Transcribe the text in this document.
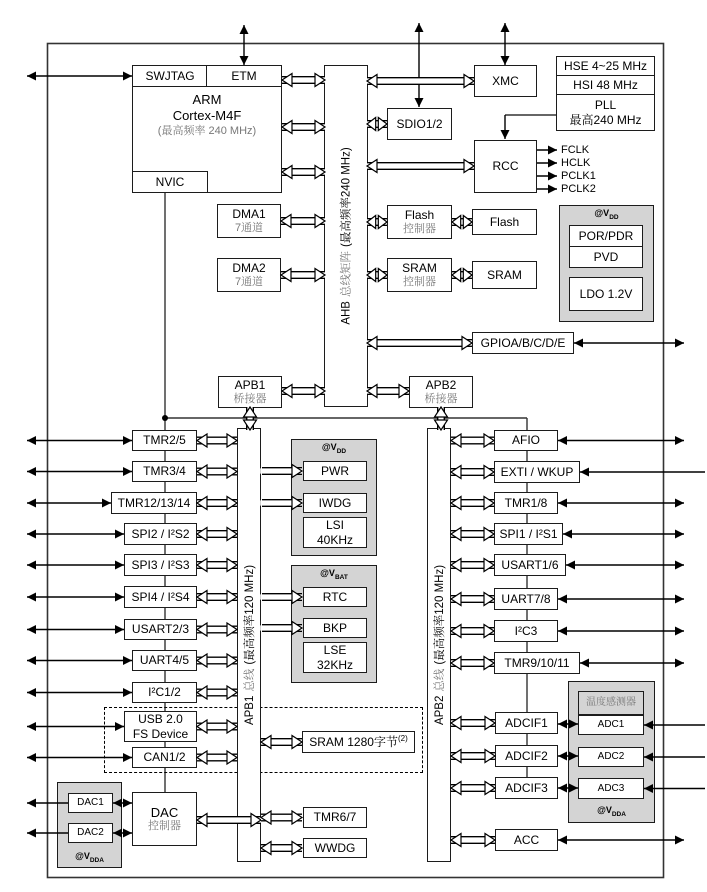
ARM
Cortex-M4F
(最高频率 240 MHz)
SWJTAG	ETM
NVIC
AHB总线矩阵(最高频率240 MHz)
DMA1
7通道
DMA2
7通道
XMC
SDIO1/2
HSE 4~25 MHz
HSI 48 MHz
PLL
最高240 MHz
RCC
FCLK
HCLK
PCLK1
PCLK2
Flash
控制器	Flash
SRAM
控制器	SRAM
$@V_{DD}$
POR/PDR
PVD
LDO 1.2V
GPIOA/B/C/D/E
APB1
桥接器
APB2
桥接器
APB1总线(最高频率120 MHz)
APB2总线(最高频率120 MHz)
TMR2/5
TMR3/4
TMR12/13/14
SPI2 / I²S2
SPI3 / I²S3
SPI4 / I²S4
USART2/3
UART4/5
I²C1/2
$@V_{DD}$
PWR
IWDG
LSI
40KHz
$@V_{BAT}$
RTC
BKP
LSE
32KHz
USB 2.0
FS Device
CAN1/2
SRAM 1280字节$^{(2)}$
$@V_{DDA}$
DAC1
DAC2
DAC
控制器
TMR6/7
WWDG
AFIO
EXTI / WKUP
TMR1/8
SPI1 / I²S1
USART1/6
UART7/8
I²C3
TMR9/10/11
$@V_{DDA}$
温度感测器
ADC1
ADC2
ADC3
ADCIF1
ADCIF2
ADCIF3
ACC
